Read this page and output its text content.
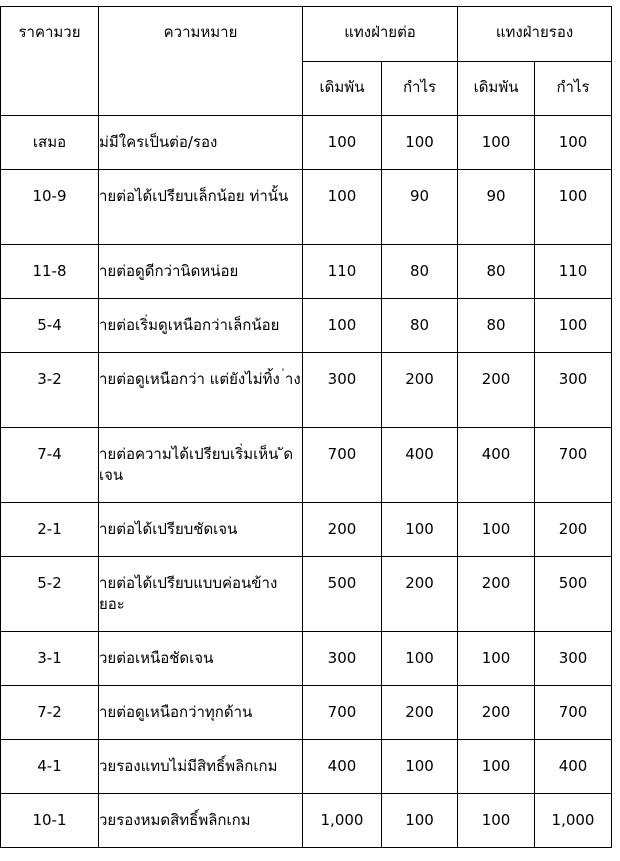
ราคามวย	ความหมาย	แทงฝ่ายต่อ		แทงฝ่ายรอง	
		เดิมพัน	กำไร	เดิมพัน	กำไร
เสมอ	ม่มีใครเป็นต่อ/รอง	100	100	100	100
10-9	ายต่อได้เปรียบเล็กน้อย ท่านั้น	100	90	90	100
11-8	ายต่อดูดีกว่านิดหน่อย	110	80	80	110
5-4	ายต่อเริ่มดูเหนือกว่าเล็กน้อย	100	80	80	100
3-2	ายต่อดูเหนือกว่า แต่ยังไม่ทิ้ง ่าง	300	200	200	300
7-4	ายต่อความได้เปรียบเริ่มเห็น ัดเจน	700	400	400	700
2-1	ายต่อได้เปรียบชัดเจน	200	100	100	200
5-2	ายต่อได้เปรียบแบบค่อนข้าง ยอะ	500	200	200	500
3-1	วยต่อเหนือชัดเจน	300	100	100	300
7-2	ายต่อดูเหนือกว่าทุกด้าน	700	200	200	700
4-1	วยรองแทบไม่มีสิทธิ์พลิกเกม	400	100	100	400
10-1	วยรองหมดสิทธิ์พลิกเกม	1,000	100	100	1,000
